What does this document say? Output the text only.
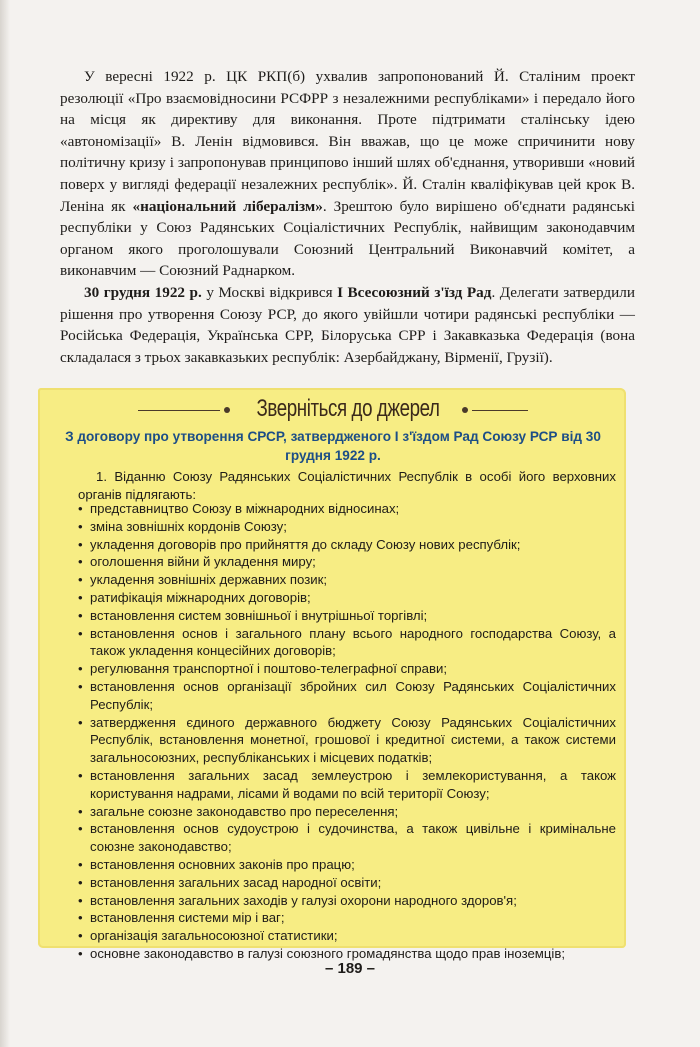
У вересні 1922 р. ЦК РКП(б) ухвалив запропонований Й. Сталіним проект резолюції «Про взаємовідносини РСФРР з незалежними республіками» і передало його на місця як директиву для виконання. Проте підтримати сталінську ідею «автономізації» В. Ленін відмовився. Він вважав, що це може спричинити нову політичну кризу і запропонував принципово інший шлях об'єднання, утворивши «новий поверх у вигляді федерації незалежних республік». Й. Сталін кваліфікував цей крок В. Леніна як «національний лібералізм». Зрештою було вирішено об'єднати радянські республіки у Союз Радянських Соціалістичних Республік, найвищим законодавчим органом якого проголошували Союзний Центральний Виконавчий комітет, а виконавчим — Союзний Раднарком.

30 грудня 1922 р. у Москві відкрився І Всесоюзний з'їзд Рад. Делегати затвердили рішення про утворення Союзу РСР, до якого увійшли чотири радянські республіки — Російська Федерація, Українська СРР, Білоруська СРР і Закавказька Федерація (вона складалася з трьох закавказьких республік: Азербайджану, Вірменії, Грузії).

Зверніться до джерел
З договору про утворення СРСР, затвердженого І з'їздом Рад Союзу РСР від 30 грудня 1922 р.
1. Віданню Союзу Радянських Соціалістичних Республік в особі його верховних органів підлягають:
• представництво Союзу в міжнародних відносинах;
• зміна зовнішніх кордонів Союзу;
• укладення договорів про прийняття до складу Союзу нових республік;
• оголошення війни й укладення миру;
• укладення зовнішніх державних позик;
• ратифікація міжнародних договорів;
• встановлення систем зовнішньої і внутрішньої торгівлі;
• встановлення основ і загального плану всього народного господарства Союзу, а також укладення концесійних договорів;
• регулювання транспортної і поштово-телеграфної справи;
• встановлення основ організації збройних сил Союзу Радянських Соціалістичних Республік;
• затвердження єдиного державного бюджету Союзу Радянських Соціалістичних Республік, встановлення монетної, грошової і кредитної системи, а також системи загальносоюзних, республіканських і місцевих податків;
• встановлення загальних засад землеустрою і землекористування, а також користування надрами, лісами й водами по всій території Союзу;
• загальне союзне законодавство про переселення;
• встановлення основ судоустрою і судочинства, а також цивільне і кримінальне союзне законодавство;
• встановлення основних законів про працю;
• встановлення загальних засад народної освіти;
• встановлення загальних заходів у галузі охорони народного здоров'я;
• встановлення системи мір і ваг;
• організація загальносоюзної статистики;
• основне законодавство в галузі союзного громадянства щодо прав іноземців;
– 189 –
